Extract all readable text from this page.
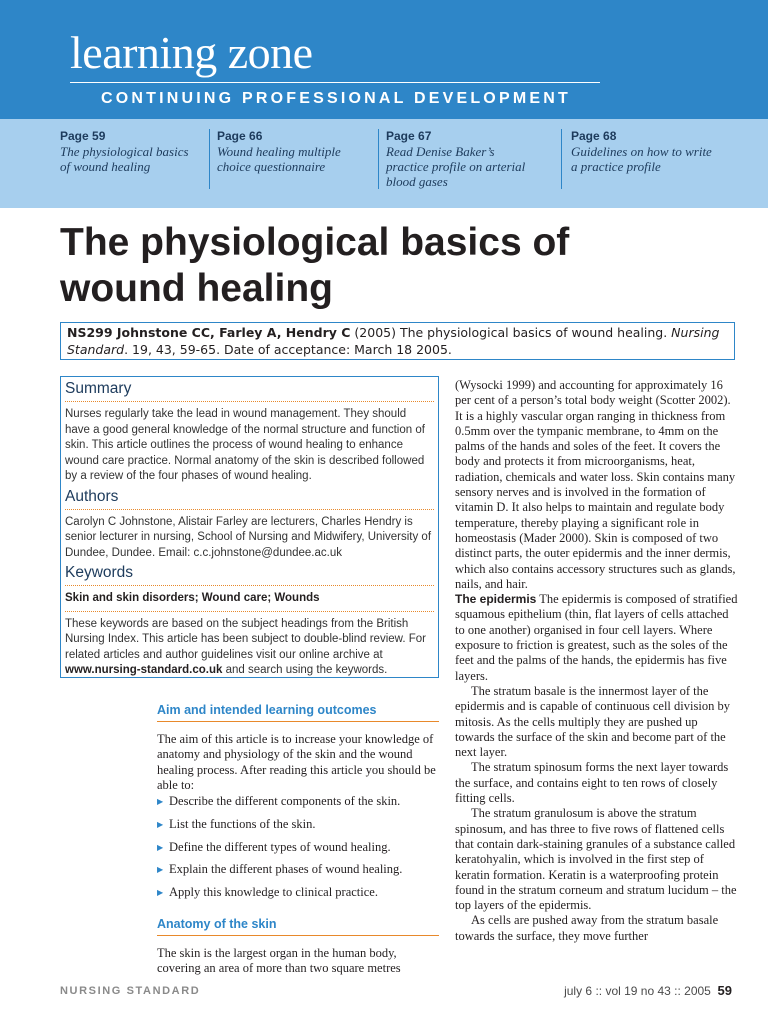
learning zone
CONTINUING PROFESSIONAL DEVELOPMENT
Page 59
The physiological basics
of wound healing
Page 66
Wound healing multiple
choice questionnaire
Page 67
Read Denise Baker’s
practice profile on arterial
blood gases
Page 68
Guidelines on how to write
a practice profile
The physiological basics of
wound healing
NS299 Johnstone CC, Farley A, Hendry C (2005) The physiological basics of wound healing. Nursing Standard. 19, 43, 59-65. Date of acceptance: March 18 2005.
Summary
Nurses regularly take the lead in wound management. They should have a good general knowledge of the normal structure and function of skin. This article outlines the process of wound healing to enhance wound care practice. Normal anatomy of the skin is described followed by a review of the four phases of wound healing.
Authors
Carolyn C Johnstone, Alistair Farley are lecturers, Charles Hendry is senior lecturer in nursing, School of Nursing and Midwifery, University of Dundee, Dundee. Email: c.c.johnstone@dundee.ac.uk
Keywords
Skin and skin disorders; Wound care; Wounds
These keywords are based on the subject headings from the British Nursing Index. This article has been subject to double-blind review. For related articles and author guidelines visit our online archive at www.nursing-standard.co.uk and search using the keywords.
Aim and intended learning outcomes
The aim of this article is to increase your knowledge of anatomy and physiology of the skin and the wound healing process. After reading this article you should be able to:
▶ Describe the different components of the skin.
▶ List the functions of the skin.
▶ Define the different types of wound healing.
▶ Explain the different phases of wound healing.
▶ Apply this knowledge to clinical practice.
Anatomy of the skin
The skin is the largest organ in the human body, covering an area of more than two square metres

(Wysocki 1999) and accounting for approximately 16 per cent of a person’s total body weight (Scotter 2002). It is a highly vascular organ ranging in thickness from 0.5mm over the tympanic membrane, to 4mm on the palms of the hands and soles of the feet. It covers the body and protects it from microorganisms, heat, radiation, chemicals and water loss. Skin contains many sensory nerves and is involved in the formation of vitamin D. It also helps to maintain and regulate body temperature, thereby playing a significant role in homeostasis (Mader 2000). Skin is composed of two distinct parts, the outer epidermis and the inner dermis, which also contains accessory structures such as glands, nails, and hair.

The epidermis The epidermis is composed of stratified squamous epithelium (thin, flat layers of cells attached to one another) organised in four cell layers. Where exposure to friction is greatest, such as the soles of the feet and the palms of the hands, the epidermis has five layers.

The stratum basale is the innermost layer of the epidermis and is capable of continuous cell division by mitosis. As the cells multiply they are pushed up towards the surface of the skin and become part of the next layer.

The stratum spinosum forms the next layer towards the surface, and contains eight to ten rows of closely fitting cells.

The stratum granulosum is above the stratum spinosum, and has three to five rows of flattened cells that contain dark-staining granules of a substance called keratohyalin, which is involved in the first step of keratin formation. Keratin is a waterproofing protein found in the stratum corneum and stratum lucidum – the top layers of the epidermis.

As cells are pushed away from the stratum basale towards the surface, they move further

NURSING STANDARD	july 6 :: vol 19 no 43 :: 2005 59
